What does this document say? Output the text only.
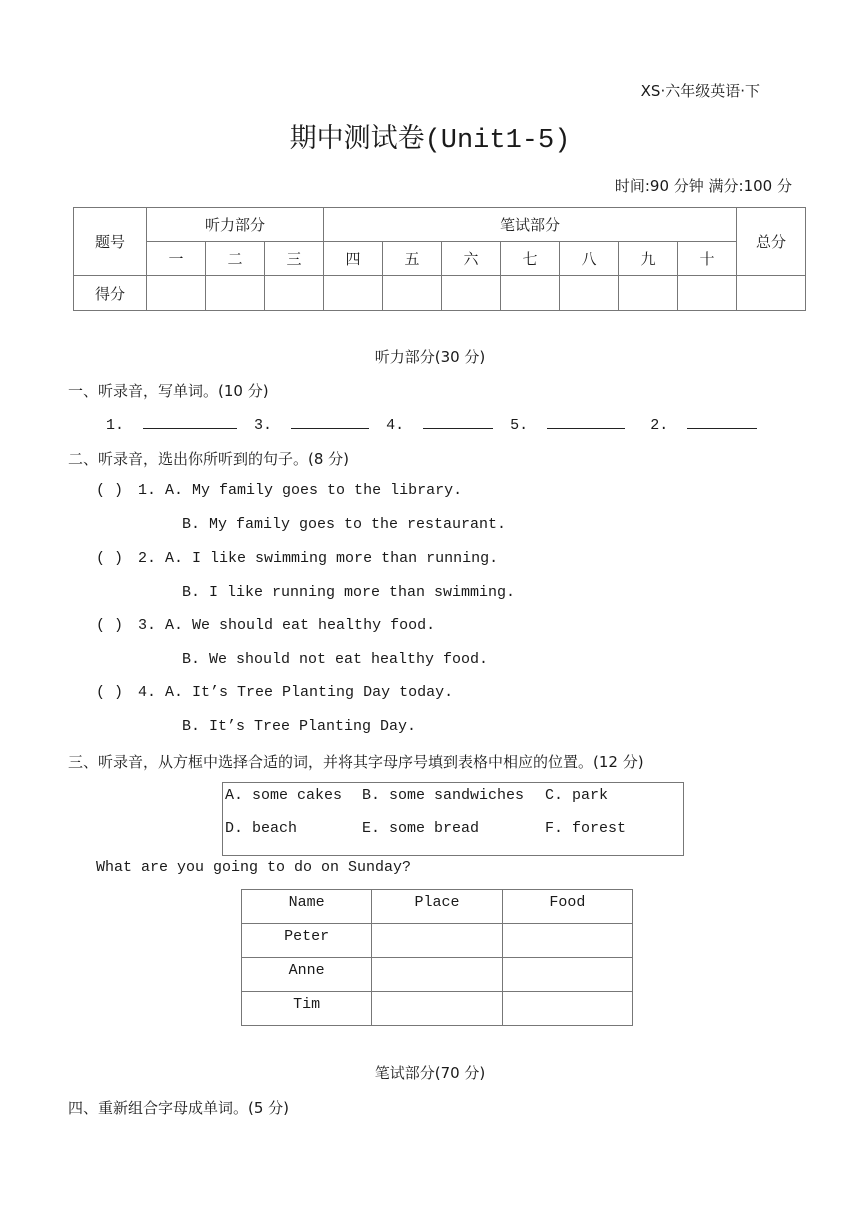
XS·六年级英语·下
期中测试卷(Unit1-5)
时间:90 分钟 满分:100 分
题号	听力部分			笔试部分							总分
	一	二	三	四	五	六	七	八	九	十	
得分											
听力部分(30 分)
一、听录音，写单词。(10 分)
1.	3.	4.	5.	2.
二、听录音，选出你所听到的句子。(8 分)
( ) 1. A. My family goes to the library.
B. My family goes to the restaurant.
( ) 2. A. I like swimming more than running.
B. I like running more than swimming.
( ) 3. A. We should eat healthy food.
B. We should not eat healthy food.
( ) 4. A. It’s Tree Planting Day today.
B. It’s Tree Planting Day.
三、听录音，从方框中选择合适的词，并将其字母序号填到表格中相应的位置。(12 分)
A. some cakes B. some sandwiches C. park
D. beach	E. some bread	F. forest
What are you going to do on Sunday?
Name	Place	Food
Peter		
Anne		
Tim		
笔试部分(70 分)
四、重新组合字母成单词。(5 分)
